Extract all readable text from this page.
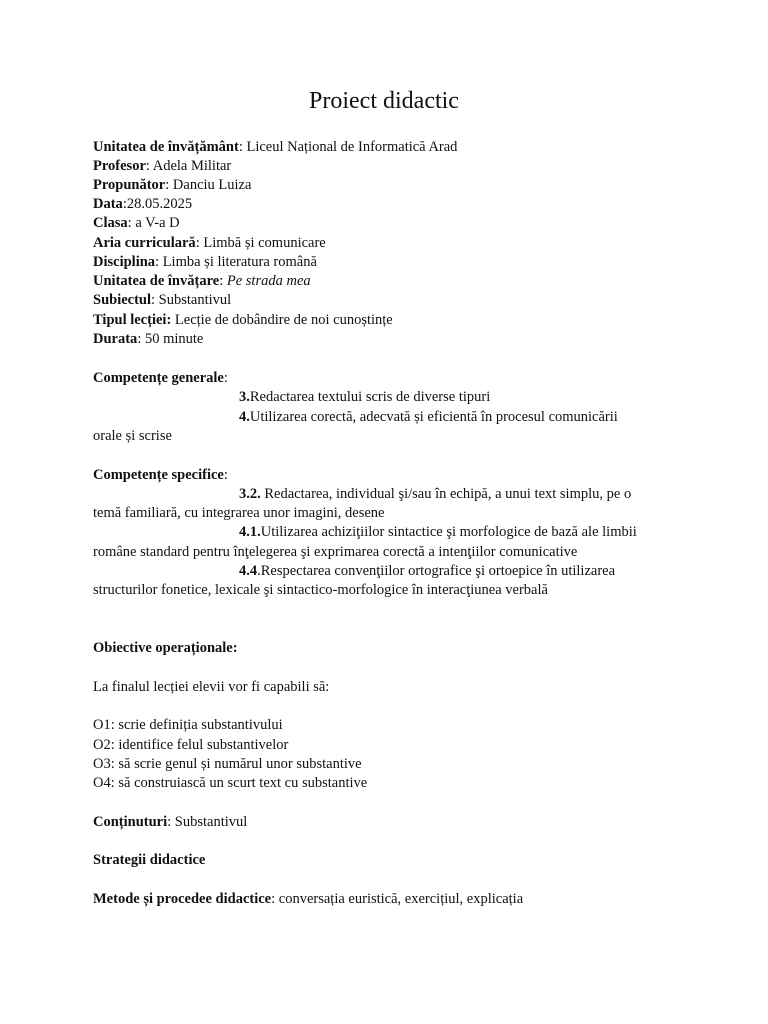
Proiect didactic
Unitatea de învățământ: Liceul Național de Informatică Arad
Profesor: Adela Militar
Propunător: Danciu Luiza
Data:28.05.2025
Clasa: a V-a D
Aria curriculară: Limbă și comunicare
Disciplina: Limba și literatura română
Unitatea de învățare: Pe strada mea
Subiectul: Substantivul
Tipul lecției: Lecție de dobândire de noi cunoștințe
Durata: 50 minute
Competențe generale:
3.Redactarea textului scris de diverse tipuri
4.Utilizarea corectă, adecvată și eficientă în procesul comunicării
orale și scrise
Competențe specifice:
3.2. Redactarea, individual şi/sau în echipă, a unui text simplu, pe o
temă familiară, cu integrarea unor imagini, desene
4.1.Utilizarea achiziţiilor sintactice şi morfologice de bază ale limbii
române standard pentru înţelegerea şi exprimarea corectă a intenţiilor comunicative
4.4.Respectarea convenţiilor ortografice şi ortoepice în utilizarea
structurilor fonetice, lexicale şi sintactico-morfologice în interacţiunea verbală
Obiective operaționale:
La finalul lecției elevii vor fi capabili să:
O1: scrie definiția substantivului
O2: identifice felul substantivelor
O3: să scrie genul și numărul unor substantive
O4: să construiască un scurt text cu substantive
Conținuturi: Substantivul
Strategii didactice
Metode și procedee didactice: conversația euristică, exercițiul, explicația
